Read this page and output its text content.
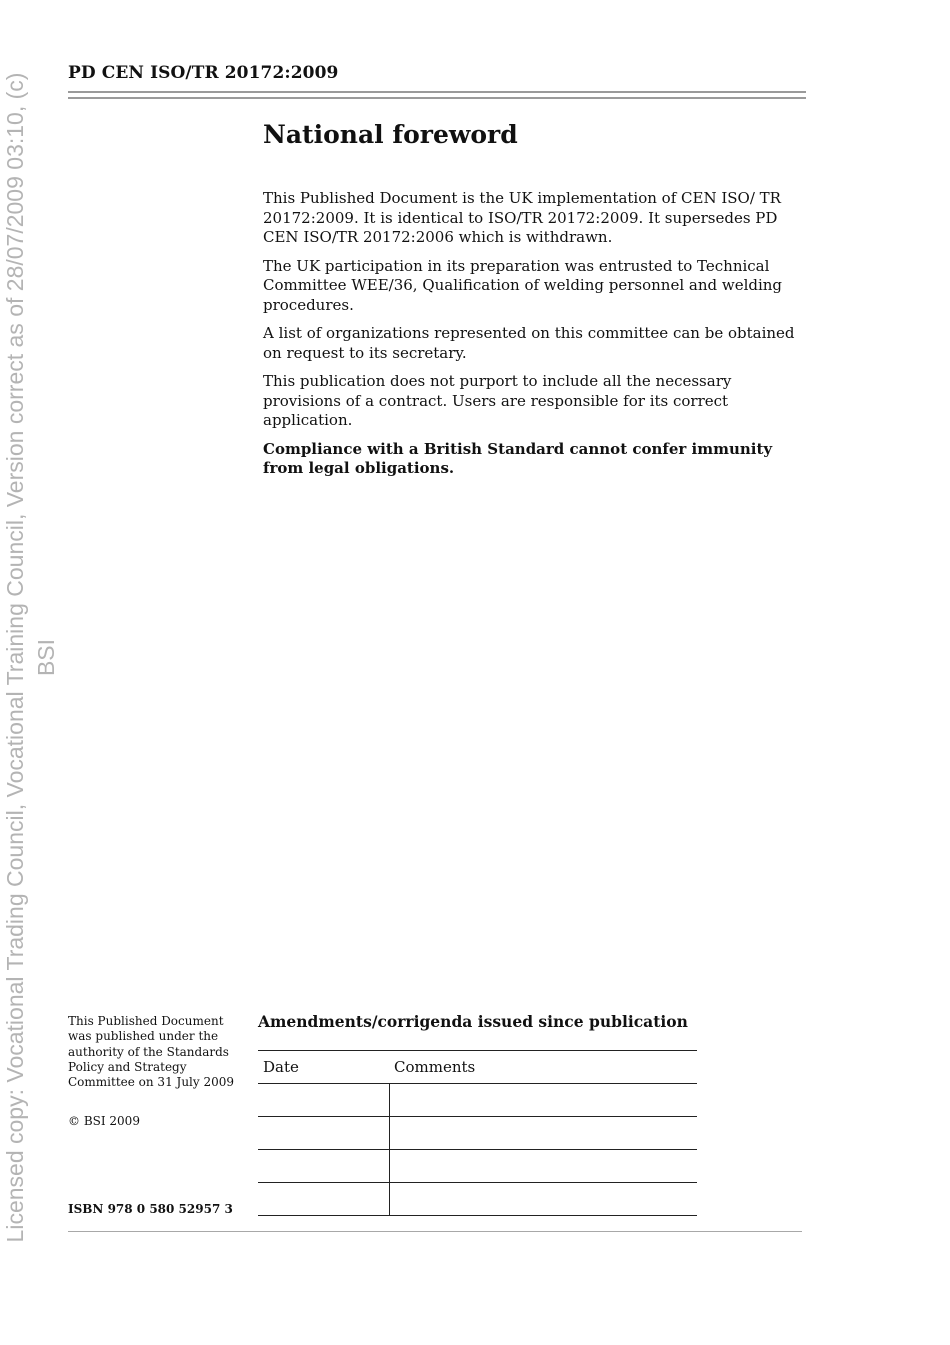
Licensed copy: Vocational Trading Council, Vocational Training Council, Version correct as of 28/07/2009 03:10, (c) BSI
PD CEN ISO/TR 20172:2009
National foreword

This Published Document is the UK implementation of CEN ISO/ TR 20172:2009. It is identical to ISO/TR 20172:2009. It supersedes PD CEN ISO/TR 20172:2006 which is withdrawn.

The UK participation in its preparation was entrusted to Technical Committee WEE/36, Qualification of welding personnel and welding procedures.

A list of organizations represented on this committee can be obtained on request to its secretary.

This publication does not purport to include all the necessary provisions of a contract. Users are responsible for its correct application.

Compliance with a British Standard cannot confer immunity from legal obligations.

This Published Document was published under the authority of the Standards Policy and Strategy Committee on 31 July 2009
© BSI 2009
ISBN 978 0 580 52957 3
Amendments/corrigenda issued since publication
Date	Comments
